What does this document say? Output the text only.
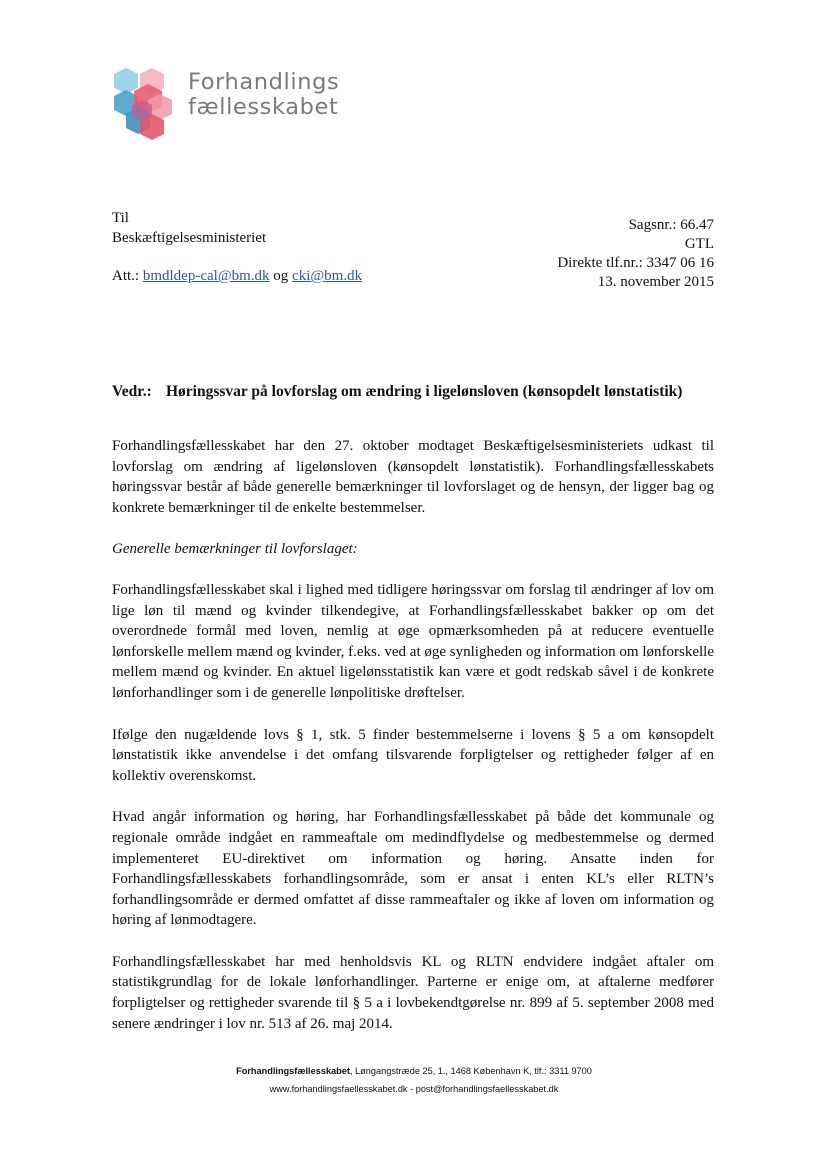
Forhandlings
fællesskabet
Til
Beskæftigelsesministeriet
Att.: bmdldep-cal@bm.dk og cki@bm.dk
Sagsnr.: 66.47
GTL
Direkte tlf.nr.: 3347 06 16
13. november 2015
Vedr.: Høringssvar på lovforslag om ændring i ligelønsloven (kønsopdelt lønstatistik)

Forhandlingsfællesskabet har den 27. oktober modtaget Beskæftigelsesministeriets udkast til lovforslag om ændring af ligelønsloven (kønsopdelt lønstatistik). Forhandlingsfællesskabets høringssvar består af både generelle bemærkninger til lovforslaget og de hensyn, der ligger bag og konkrete bemærkninger til de enkelte bestemmelser.

Generelle bemærkninger til lovforslaget:

Forhandlingsfællesskabet skal i lighed med tidligere høringssvar om forslag til ændringer af lov om lige løn til mænd og kvinder tilkendegive, at Forhandlingsfællesskabet bakker op om det overordnede formål med loven, nemlig at øge opmærksomheden på at reducere eventuelle lønforskelle mellem mænd og kvinder, f.eks. ved at øge synligheden og information om lønforskelle mellem mænd og kvinder. En aktuel ligelønsstatistik kan være et godt redskab såvel i de konkrete lønforhandlinger som i de generelle lønpolitiske drøftelser.

Ifølge den nugældende lovs § 1, stk. 5 finder bestemmelserne i lovens § 5 a om kønsopdelt lønstatistik ikke anvendelse i det omfang tilsvarende forpligtelser og rettigheder følger af en kollektiv overenskomst.

Hvad angår information og høring, har Forhandlingsfællesskabet på både det kommunale og regionale område indgået en rammeaftale om medindflydelse og medbestemmelse og dermed implementeret EU-direktivet om information og høring. Ansatte inden for Forhandlingsfællesskabets forhandlingsområde, som er ansat i enten KL’s eller RLTN’s forhandlingsområde er dermed omfattet af disse rammeaftaler og ikke af loven om information og høring af lønmodtagere.

Forhandlingsfællesskabet har med henholdsvis KL og RLTN endvidere indgået aftaler om statistikgrundlag for de lokale lønforhandlinger. Parterne er enige om, at aftalerne medfører forpligtelser og rettigheder svarende til § 5 a i lovbekendtgørelse nr. 899 af 5. september 2008 med senere ændringer i lov nr. 513 af 26. maj 2014.

Forhandlingsfællesskabet, Løngangstræde 25, 1., 1468 København K, tlf.: 3311 9700
www.forhandlingsfaellesskabet.dk - post@forhandlingsfaellesskabet.dk
